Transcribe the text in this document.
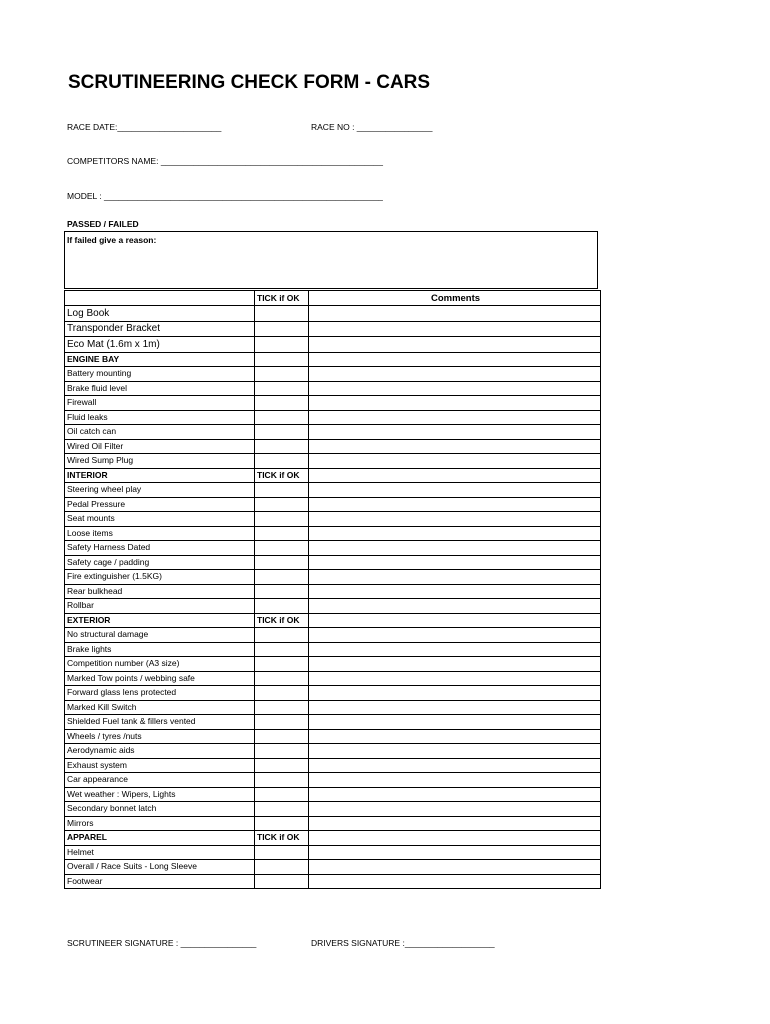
SCRUTINEERING CHECK FORM - CARS
RACE DATE:______________________	RACE NO : ________________
COMPETITORS NAME: _______________________________________________
MODEL : ___________________________________________________________
PASSED / FAILED
If failed give a reason:
	TICK if OK	Comments
Log Book		
Transponder Bracket		
Eco Mat (1.6m x 1m)		
ENGINE BAY		
Battery mounting		
Brake fluid level		
Firewall		
Fluid leaks		
Oil catch can		
Wired Oil Filter		
Wired Sump Plug		
INTERIOR	TICK if OK	
Steering wheel play		
Pedal Pressure		
Seat mounts		
Loose items		
Safety Harness Dated		
Safety cage / padding		
Fire extinguisher (1.5KG)		
Rear bulkhead		
Rollbar		
EXTERIOR	TICK if OK	
No structural damage		
Brake lights		
Competition number (A3 size)		
Marked Tow points / webbing safe		
Forward glass lens protected		
Marked Kill Switch		
Shielded Fuel tank & fillers vented		
Wheels / tyres /nuts		
Aerodynamic aids		
Exhaust system		
Car appearance		
Wet weather : Wipers, Lights		
Secondary bonnet latch		
Mirrors		
APPAREL	TICK if OK	
Helmet		
Overall / Race Suits - Long Sleeve		
Footwear		
SCRUTINEER SIGNATURE : ________________	DRIVERS SIGNATURE :___________________
